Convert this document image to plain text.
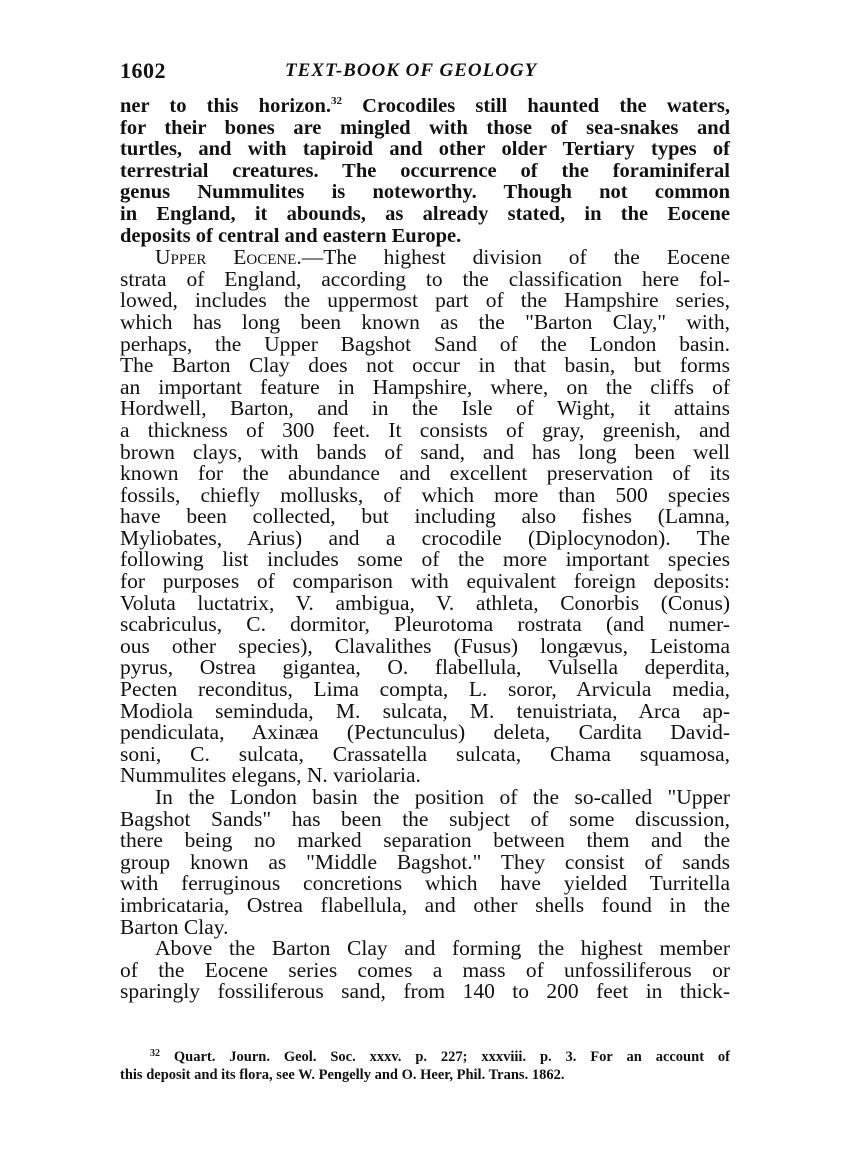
1602	TEXT-BOOK OF GEOLOGY
ner to this horizon.$^{32}$ Crocodiles still haunted the waters,
for their bones are mingled with those of sea-snakes and
turtles, and with tapiroid and other older Tertiary types of
terrestrial creatures. The occurrence of the foraminiferal
genus Nummulites is noteworthy. Though not common
in England, it abounds, as already stated, in the Eocene
deposits of central and eastern Europe.
Upper Eocene.—The highest division of the Eocene
strata of England, according to the classification here fol-
lowed, includes the uppermost part of the Hampshire series,
which has long been known as the "Barton Clay," with,
perhaps, the Upper Bagshot Sand of the London basin.
The Barton Clay does not occur in that basin, but forms
an important feature in Hampshire, where, on the cliffs of
Hordwell, Barton, and in the Isle of Wight, it attains
a thickness of 300 feet. It consists of gray, greenish, and
brown clays, with bands of sand, and has long been well
known for the abundance and excellent preservation of its
fossils, chiefly mollusks, of which more than 500 species
have been collected, but including also fishes (Lamna,
Myliobates, Arius) and a crocodile (Diplocynodon). The
following list includes some of the more important species
for purposes of comparison with equivalent foreign deposits:
Voluta luctatrix, V. ambigua, V. athleta, Conorbis (Conus)
scabriculus, C. dormitor, Pleurotoma rostrata (and numer-
ous other species), Clavalithes (Fusus) longævus, Leistoma
pyrus, Ostrea gigantea, O. flabellula, Vulsella deperdita,
Pecten reconditus, Lima compta, L. soror, Arvicula media,
Modiola seminduda, M. sulcata, M. tenuistriata, Arca ap-
pendiculata, Axinæa (Pectunculus) deleta, Cardita David-
soni, C. sulcata, Crassatella sulcata, Chama squamosa,
Nummulites elegans, N. variolaria.
In the London basin the position of the so-called "Upper
Bagshot Sands" has been the subject of some discussion,
there being no marked separation between them and the
group known as "Middle Bagshot." They consist of sands
with ferruginous concretions which have yielded Turritella
imbricataria, Ostrea flabellula, and other shells found in the
Barton Clay.
Above the Barton Clay and forming the highest member
of the Eocene series comes a mass of unfossiliferous or
sparingly fossiliferous sand, from 140 to 200 feet in thick-
$^{32}$ Quart. Journ. Geol. Soc. xxxv. p. 227; xxxviii. p. 3. For an account of
this deposit and its flora, see W. Pengelly and O. Heer, Phil. Trans. 1862.
